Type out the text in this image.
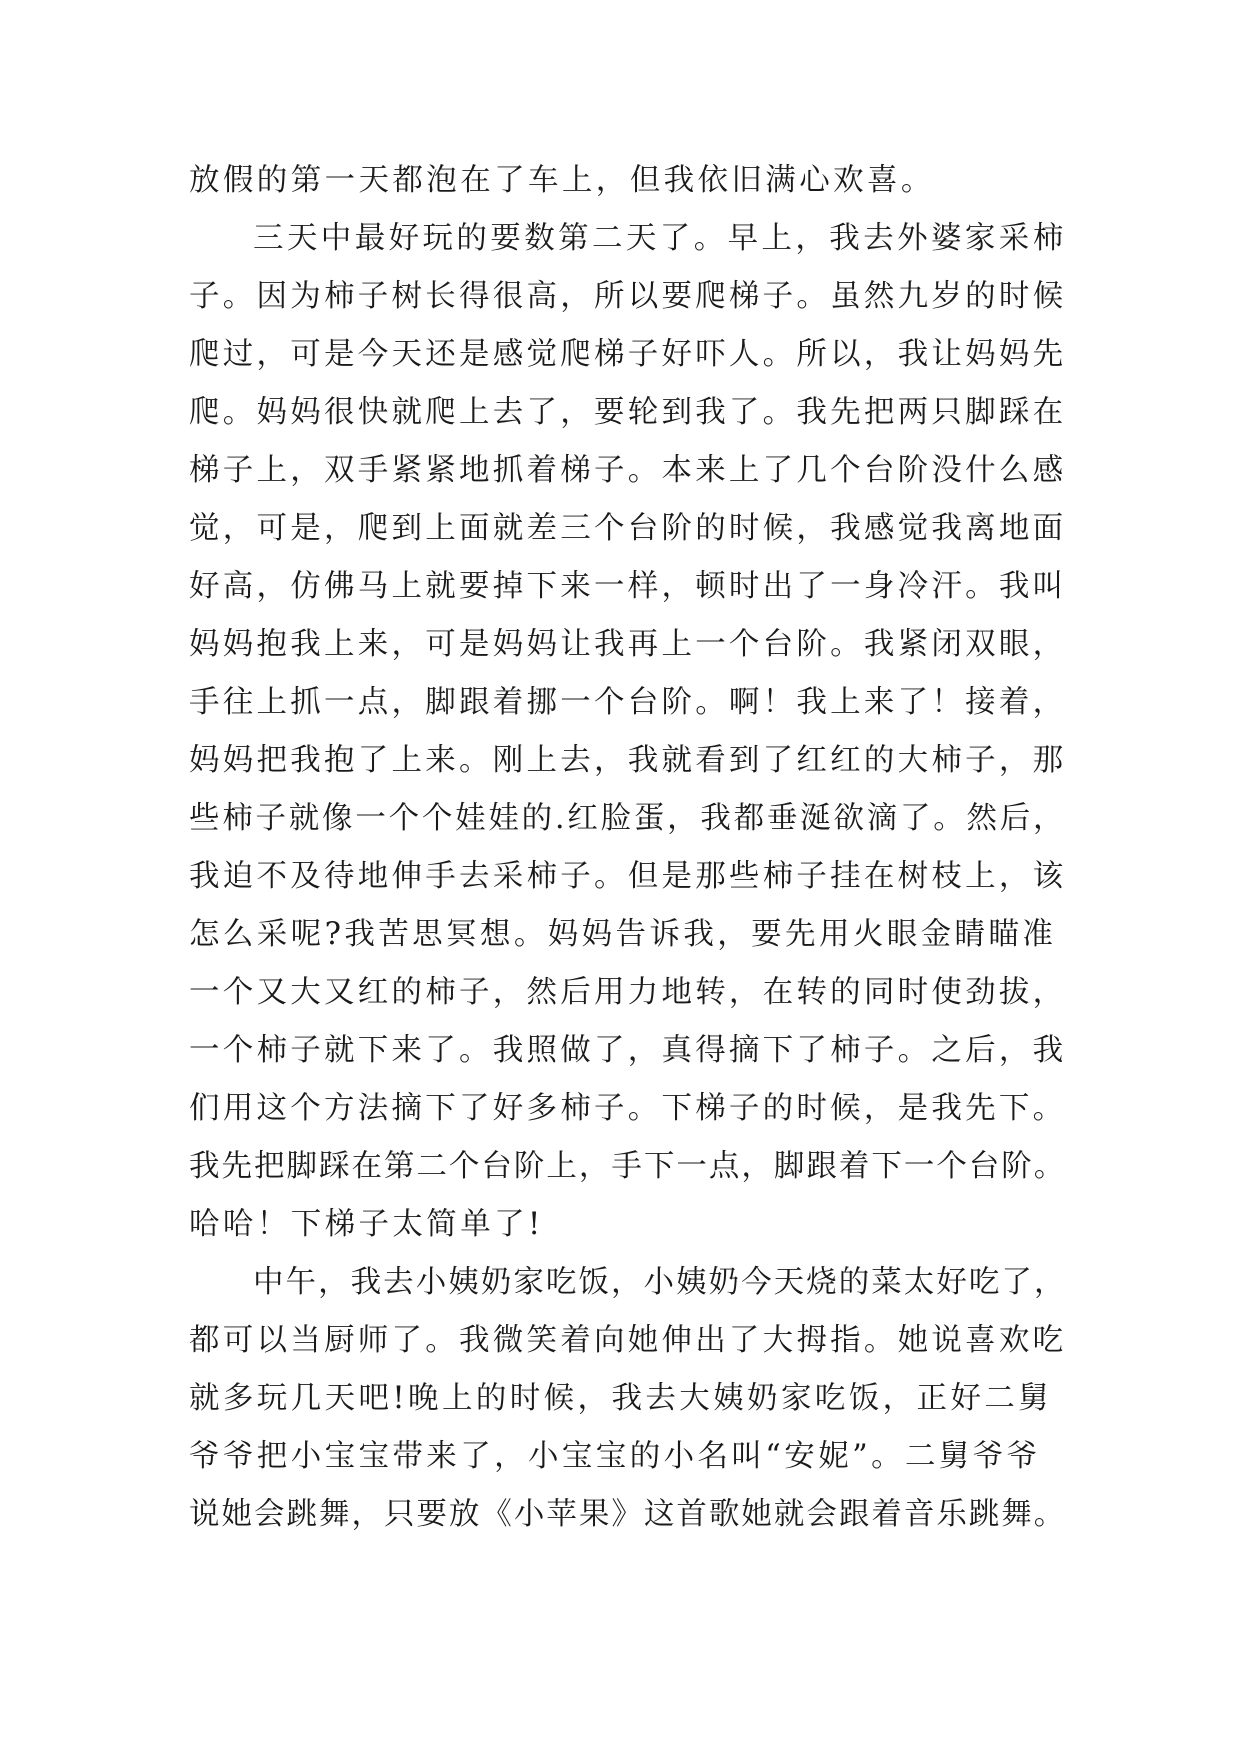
放假的第一天都泡在了车上，但我依旧满心欢喜。
三天中最好玩的要数第二天了。早上，我去外婆家采柿
子。因为柿子树长得很高，所以要爬梯子。虽然九岁的时候
爬过，可是今天还是感觉爬梯子好吓人。所以，我让妈妈先
爬。妈妈很快就爬上去了，要轮到我了。我先把两只脚踩在
梯子上，双手紧紧地抓着梯子。本来上了几个台阶没什么感
觉，可是，爬到上面就差三个台阶的时候，我感觉我离地面
好高，仿佛马上就要掉下来一样，顿时出了一身冷汗。我叫
妈妈抱我上来，可是妈妈让我再上一个台阶。我紧闭双眼，
手往上抓一点，脚跟着挪一个台阶。啊！我上来了！接着，
妈妈把我抱了上来。刚上去，我就看到了红红的大柿子，那
些柿子就像一个个娃娃的.红脸蛋，我都垂涎欲滴了。然后，
我迫不及待地伸手去采柿子。但是那些柿子挂在树枝上，该
怎么采呢?我苦思冥想。妈妈告诉我，要先用火眼金睛瞄准
一个又大又红的柿子，然后用力地转，在转的同时使劲拔，
一个柿子就下来了。我照做了，真得摘下了柿子。之后，我
们用这个方法摘下了好多柿子。下梯子的时候，是我先下。
我先把脚踩在第二个台阶上，手下一点，脚跟着下一个台阶。
哈哈！下梯子太简单了!
中午，我去小姨奶家吃饭，小姨奶今天烧的菜太好吃了，
都可以当厨师了。我微笑着向她伸出了大拇指。她说喜欢吃
就多玩几天吧!晚上的时候，我去大姨奶家吃饭，正好二舅
爷爷把小宝宝带来了，小宝宝的小名叫“安妮”。二舅爷爷
说她会跳舞，只要放《小苹果》这首歌她就会跟着音乐跳舞。
